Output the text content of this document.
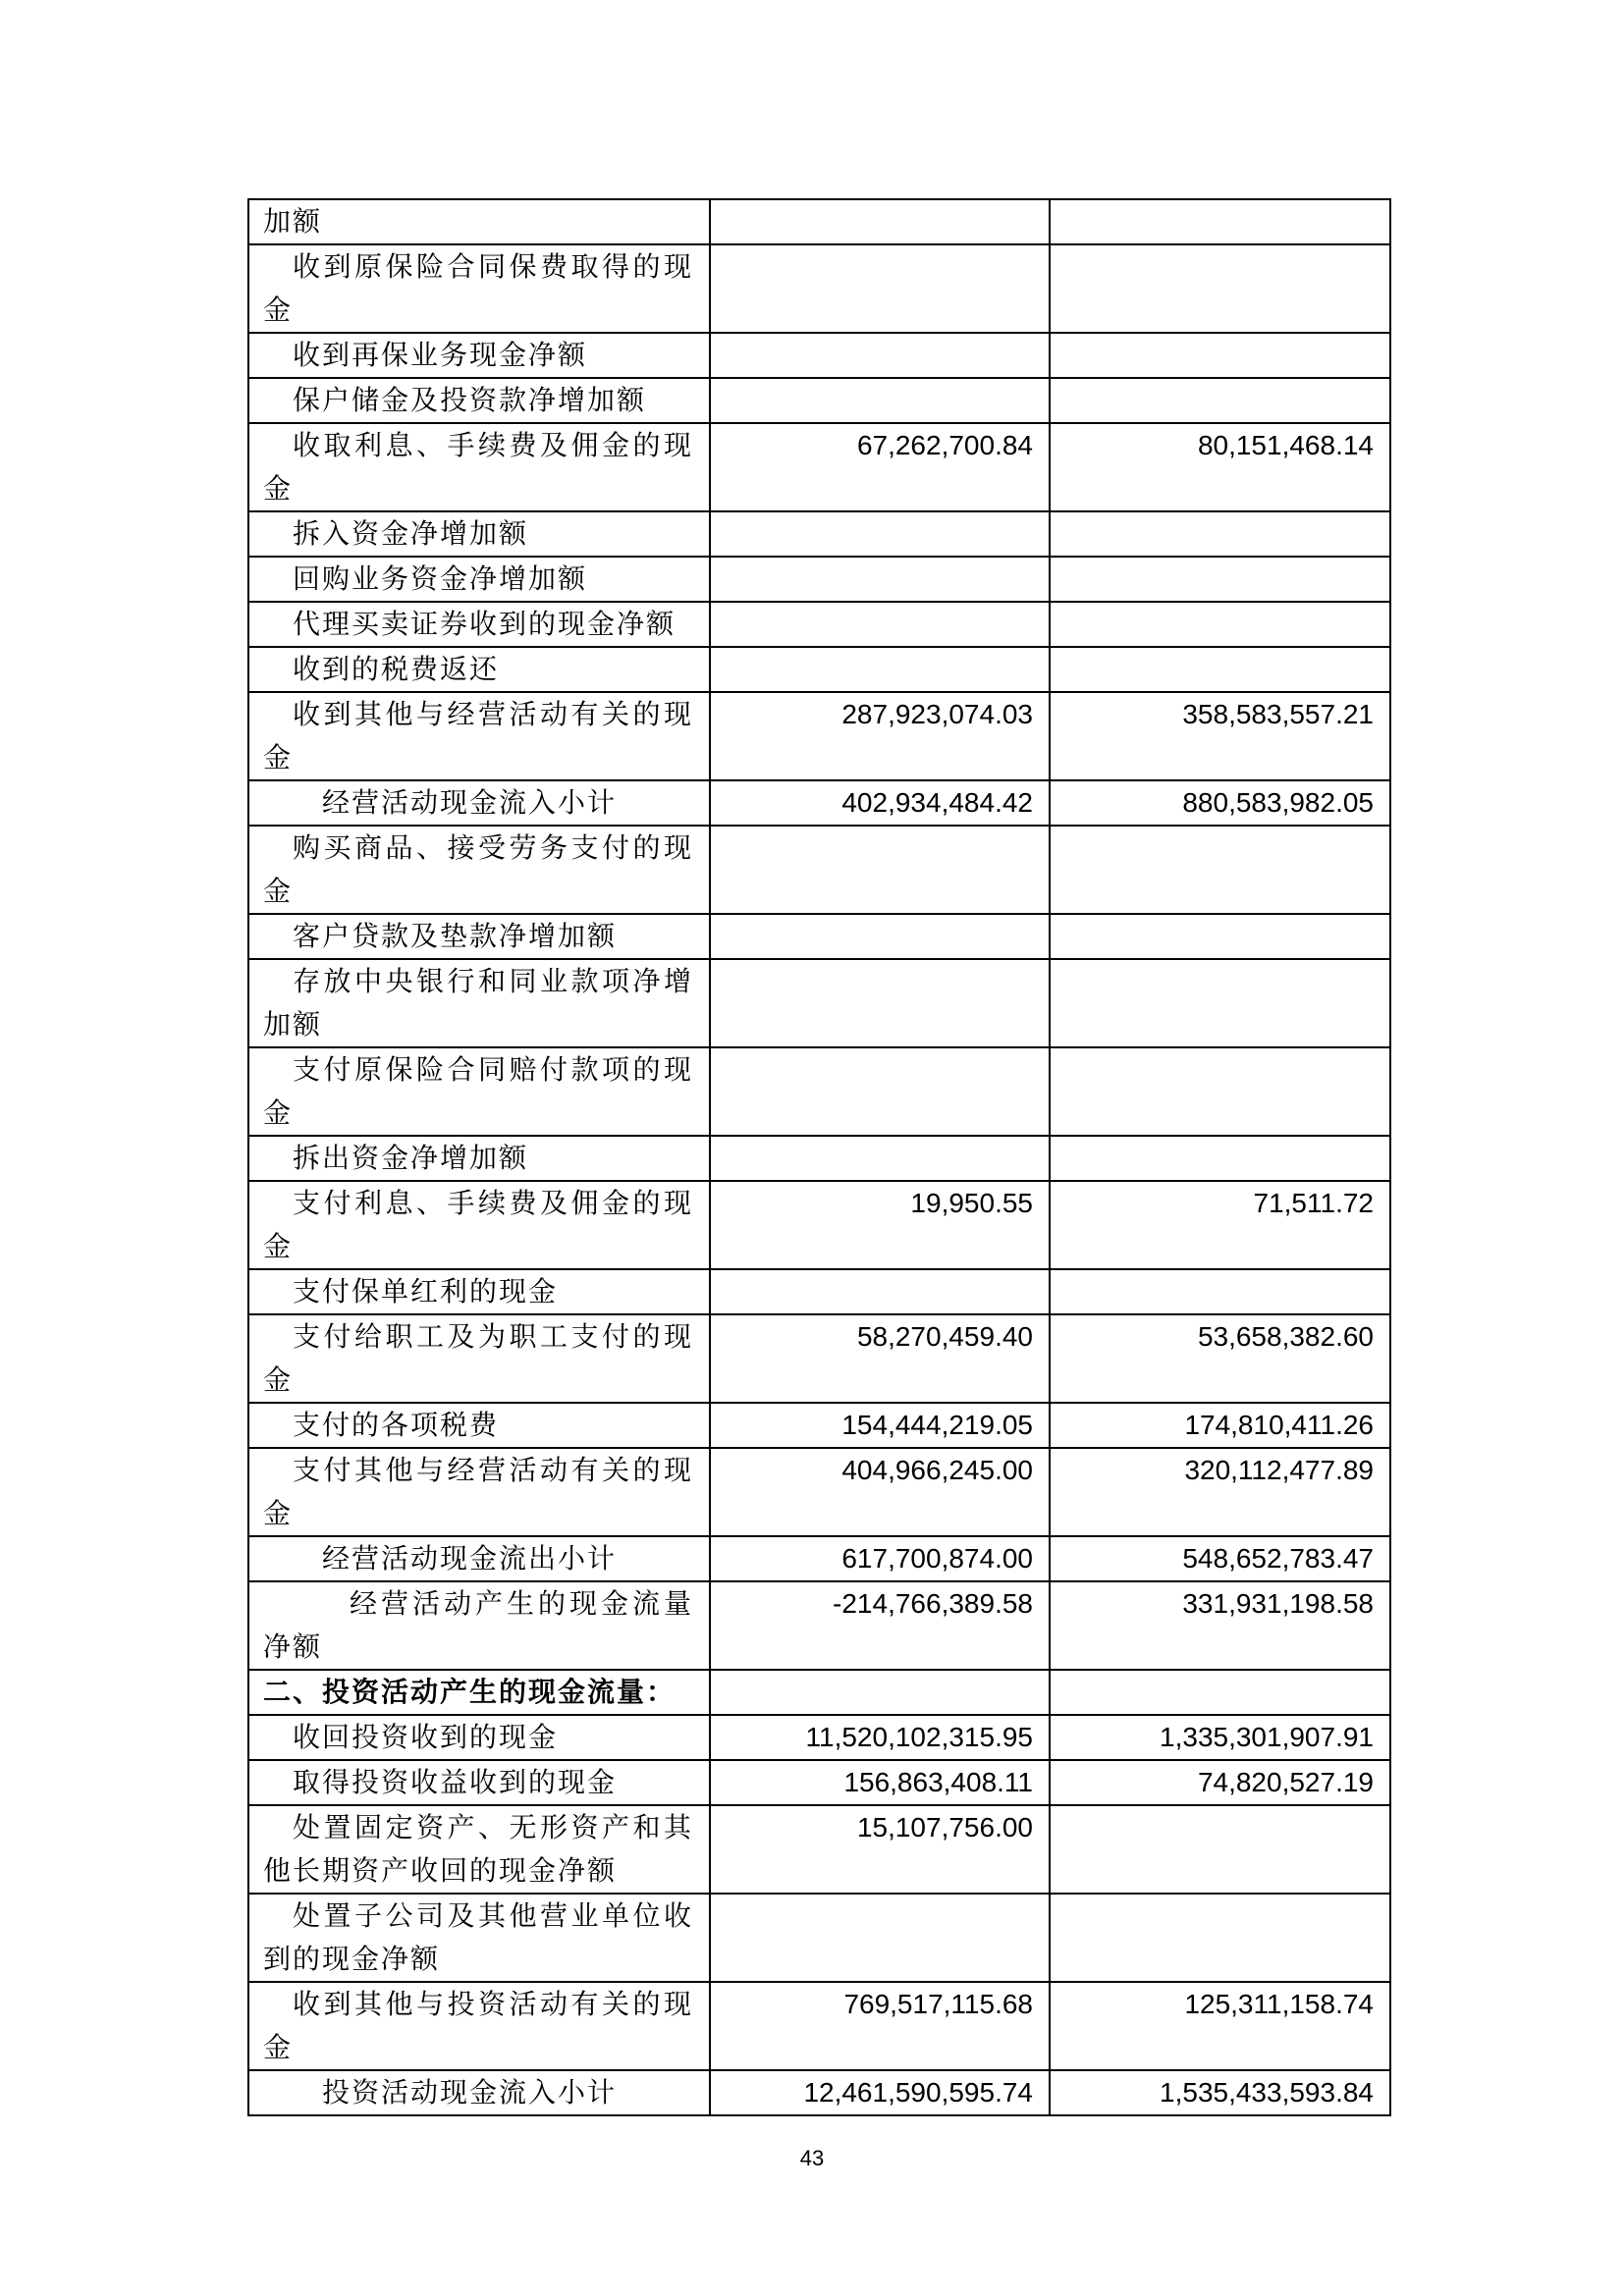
加额		
收到原保险合同保费取得的现金		
收到再保业务现金净额		
保户储金及投资款净增加额		
收取利息、手续费及佣金的现金	67,262,700.84	80,151,468.14
拆入资金净增加额		
回购业务资金净增加额		
代理买卖证券收到的现金净额		
收到的税费返还		
收到其他与经营活动有关的现金	287,923,074.03	358,583,557.21
经营活动现金流入小计	402,934,484.42	880,583,982.05
购买商品、接受劳务支付的现金		
客户贷款及垫款净增加额		
存放中央银行和同业款项净增加额		
支付原保险合同赔付款项的现金		
拆出资金净增加额		
支付利息、手续费及佣金的现金	19,950.55	71,511.72
支付保单红利的现金		
支付给职工及为职工支付的现金	58,270,459.40	53,658,382.60
支付的各项税费	154,444,219.05	174,810,411.26
支付其他与经营活动有关的现金	404,966,245.00	320,112,477.89
经营活动现金流出小计	617,700,874.00	548,652,783.47
经营活动产生的现金流量净额	-214,766,389.58	331,931,198.58
二、投资活动产生的现金流量：		
收回投资收到的现金	11,520,102,315.95	1,335,301,907.91
取得投资收益收到的现金	156,863,408.11	74,820,527.19
处置固定资产、无形资产和其他长期资产收回的现金净额	15,107,756.00	
处置子公司及其他营业单位收到的现金净额		
收到其他与投资活动有关的现金	769,517,115.68	125,311,158.74
投资活动现金流入小计	12,461,590,595.74	1,535,433,593.84
43
